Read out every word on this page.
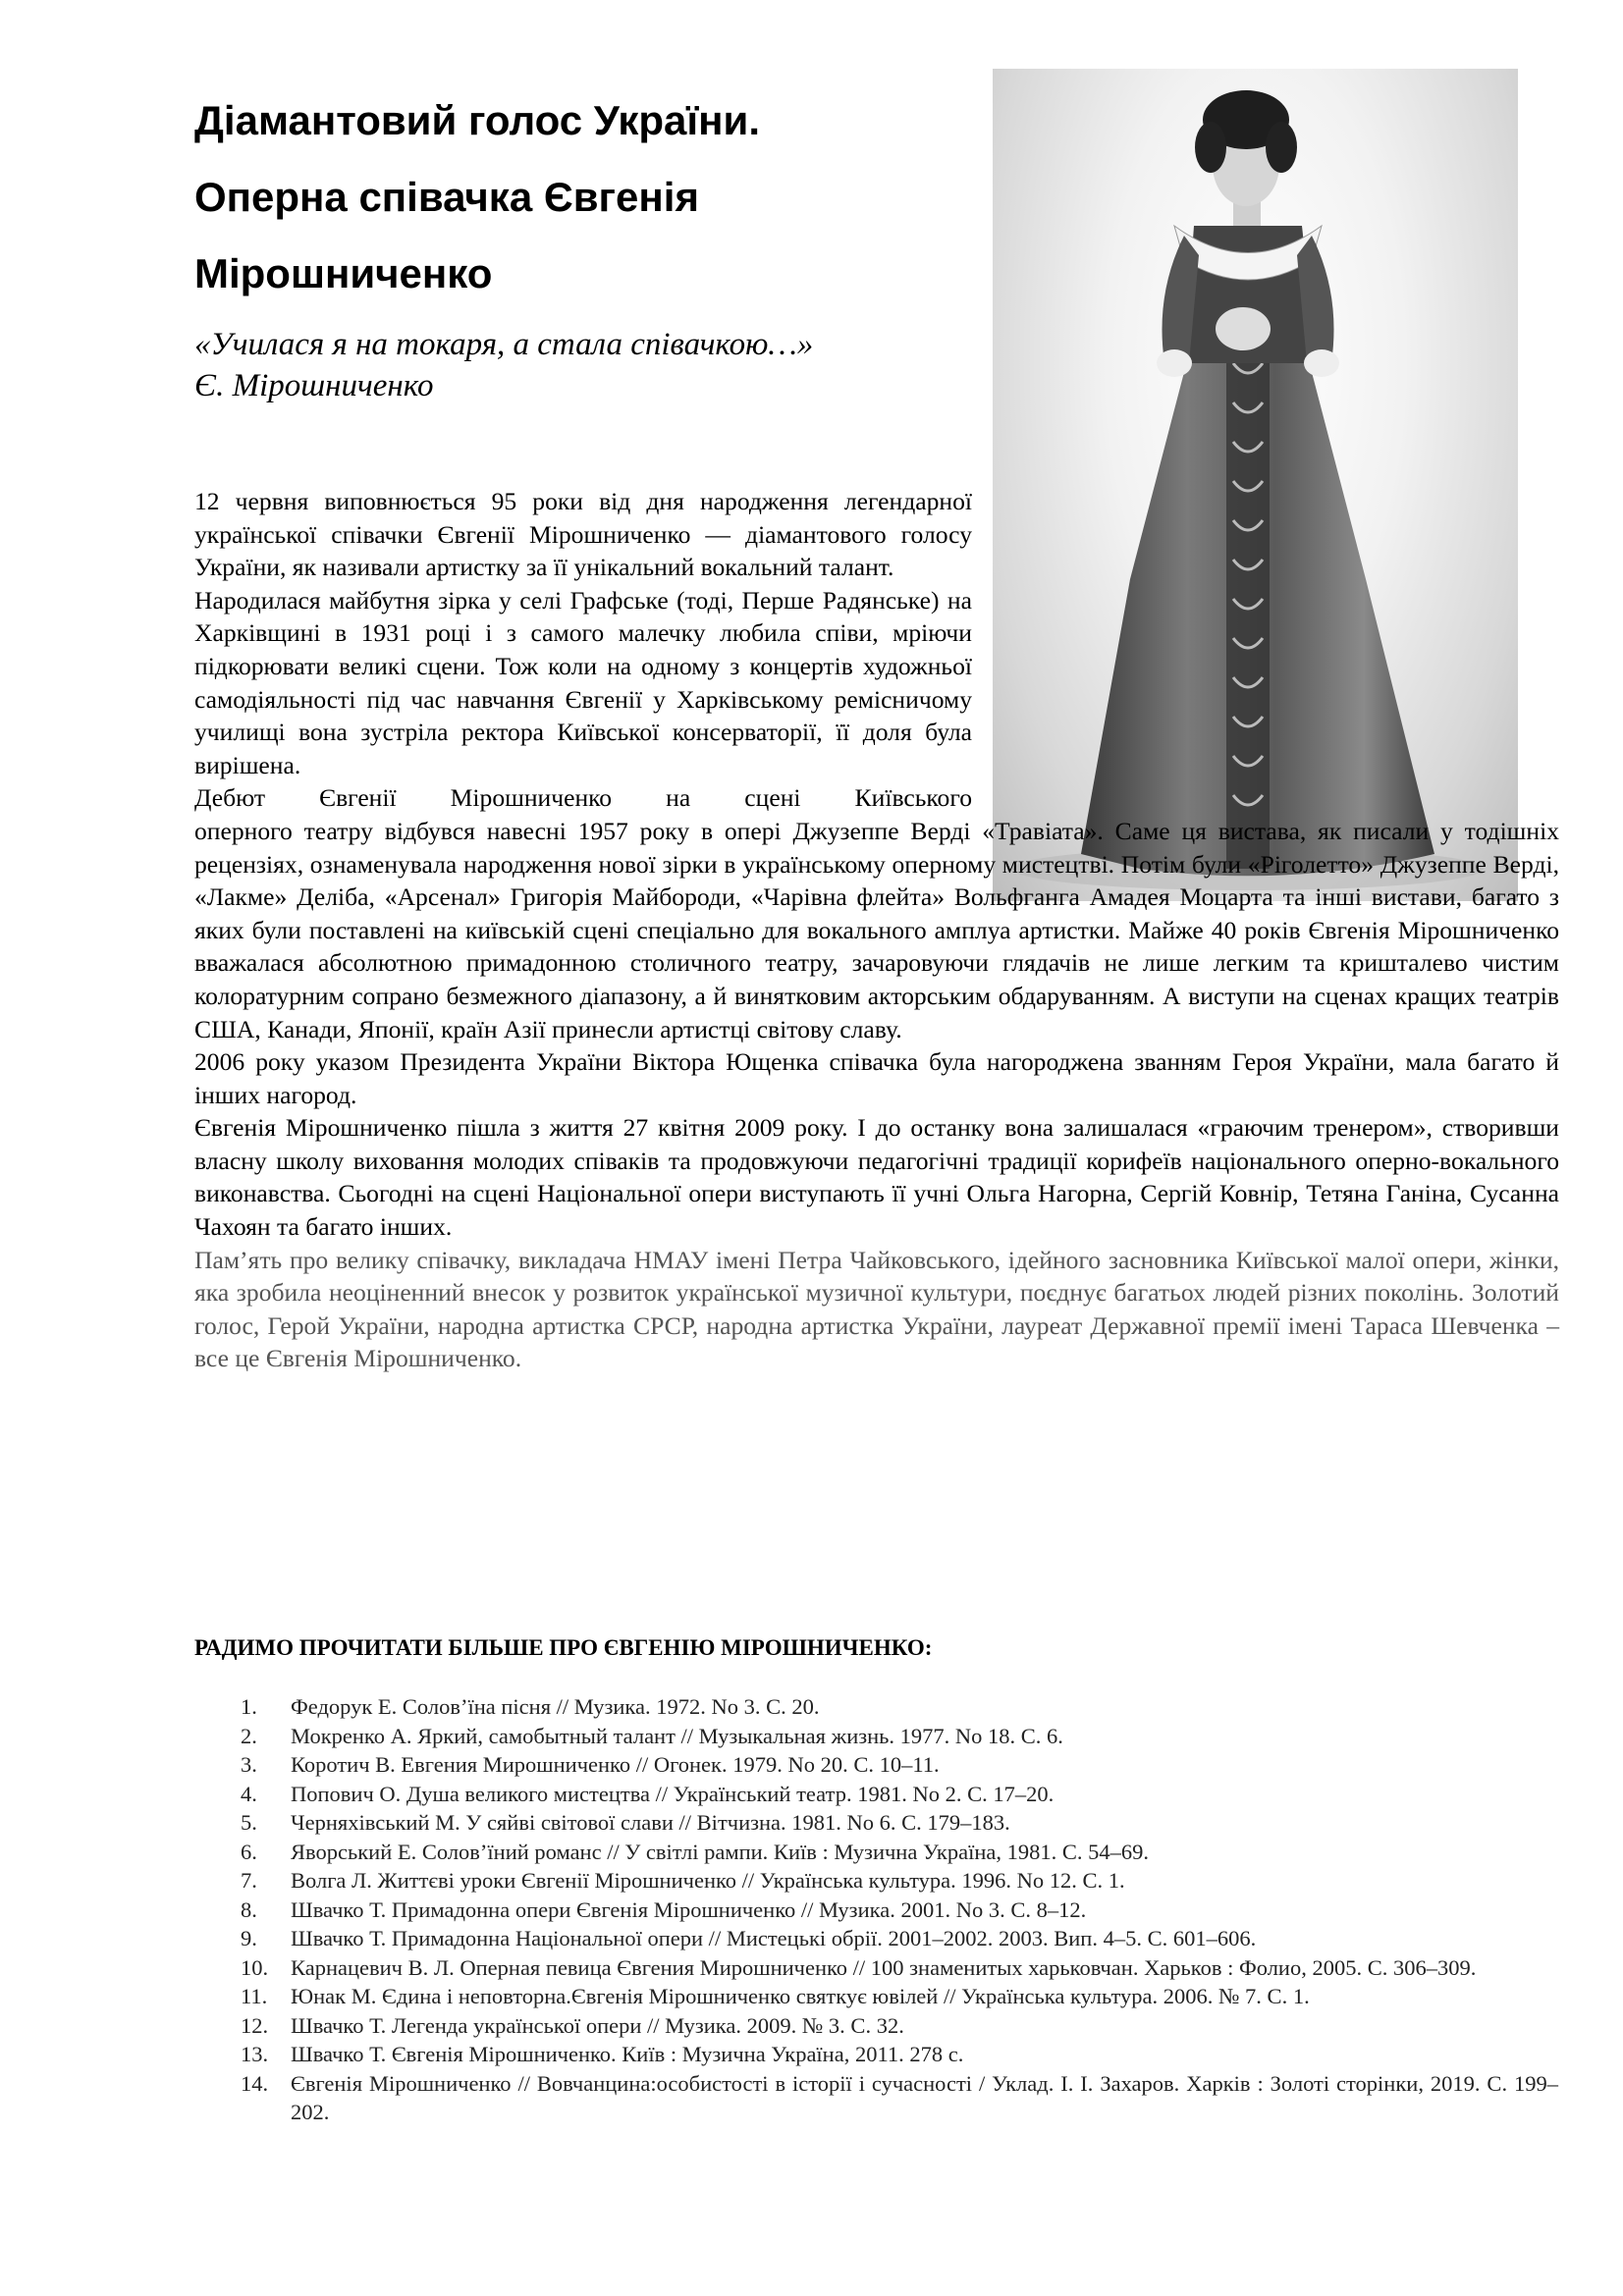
Діамантовий голос України.
Оперна співачка Євгенія
Мірошниченко
«Училася я на токаря, а стала співачкою…»
Є. Мірошниченко

12 червня виповнюється 95 роки від дня народження легендарної української співачки Євгенії Мірошниченко — діамантового голосу України, як називали артистку за її унікальний вокальний талант.

Народилася майбутня зірка у селі Графське (тоді, Перше Радянське) на Харківщині в 1931 році і з самого малечку любила співи, мріючи підкорювати великі сцени. Тож коли на одному з концертів художньої самодіяльності під час навчання Євгенії у Харківському ремісничому училищі вона зустріла ректора Київської консерваторії, її доля була вирішена.

Дебют Євгенії Мірошниченко на сцені Київського

оперного театру відбувся навесні 1957 року в опері Джузеппе Верді «Травіата». Саме ця вистава, як писали у тодішніх рецензіях, ознаменувала народження нової зірки в українському оперному мистецтві. Потім були «Ріголетто» Джузеппе Верді, «Лакме» Деліба, «Арсенал» Григорія Майбороди, «Чарівна флейта» Вольфганга Амадея Моцарта та інші вистави, багато з яких були поставлені на київській сцені спеціально для вокального амплуа артистки. Майже 40 років Євгенія Мірошниченко вважалася абсолютною примадонною столичного театру, зачаровуючи глядачів не лише легким та кришталево чистим колоратурним сопрано безмежного діапазону, а й винятковим акторським обдаруванням. А виступи на сценах кращих театрів США, Канади, Японії, країн Азії принесли артистці світову славу.

2006 року указом Президента України Віктора Ющенка співачка була нагороджена званням Героя України, мала багато й інших нагород.

Євгенія Мірошниченко пішла з життя 27 квітня 2009 року. І до останку вона залишалася «граючим тренером», створивши власну школу виховання молодих співаків та продовжуючи педагогічні традиції корифеїв національного оперно-вокального виконавства. Сьогодні на сцені Національної опери виступають її учні Ольга Нагорна, Сергій Ковнір, Тетяна Ганіна, Сусанна Чахоян та багато інших.

Пам’ять про велику співачку, викладача НМАУ імені Петра Чайковського, ідейного засновника Київської малої опери, жінки, яка зробила неоціненний внесок у розвиток української музичної культури, поєднує багатьох людей різних поколінь. Золотий голос, Герой України, народна артистка СРСР, народна артистка України, лауреат Державної премії імені Тараса Шевченка – все це Євгенія Мірошниченко.

РАДИМО ПРОЧИТАТИ БІЛЬШЕ ПРО ЄВГЕНІЮ МІРОШНИЧЕНКО:
1.	Федорук Е. Солов’їна пісня // Музика. 1972. No 3. С. 20.
2.	Мокренко А. Яркий, самобытный талант // Музыкальная жизнь. 1977. No 18. С. 6.
3.	Коротич В. Евгения Мирошниченко // Огонек. 1979. No 20. С. 10–11.
4.	Попович О. Душа великого мистецтва // Український театр. 1981. No 2. С. 17–20.
5.	Черняхівський М. У сяйві світової слави // Вітчизна. 1981. No 6. С. 179–183.
6.	Яворський Е. Солов’їний романс // У світлі рампи. Київ : Музична Україна, 1981. С. 54–69.
7.	Волга Л. Життєві уроки Євгенії Мірошниченко // Українська культура. 1996. No 12. С. 1.
8.	Швачко Т. Примадонна опери Євгенія Мірошниченко // Музика. 2001. No 3. С. 8–12.
9.	Швачко Т. Примадонна Національної опери // Мистецькі обрії. 2001–2002. 2003. Вип. 4–5. С. 601–606.
10.	Карнацевич В. Л. Оперная певица Євгения Мирошниченко // 100 знаменитых харьковчан. Харьков : Фолио, 2005. С. 306–309.
11.	Юнак М. Єдина і неповторна.Євгенія Мірошниченко святкує ювілей // Українська культура. 2006. № 7. С. 1.
12.	Швачко Т. Легенда української опери // Музика. 2009. № 3. С. 32.
13.	Швачко Т. Євгенія Мірошниченко. Київ : Музична Україна, 2011. 278 с.
14.	Євгенія Мірошниченко // Вовчанцина:особистості в історії і сучасності / Уклад. І. І. Захаров. Харків : Золоті сторінки, 2019. С. 199–202.
